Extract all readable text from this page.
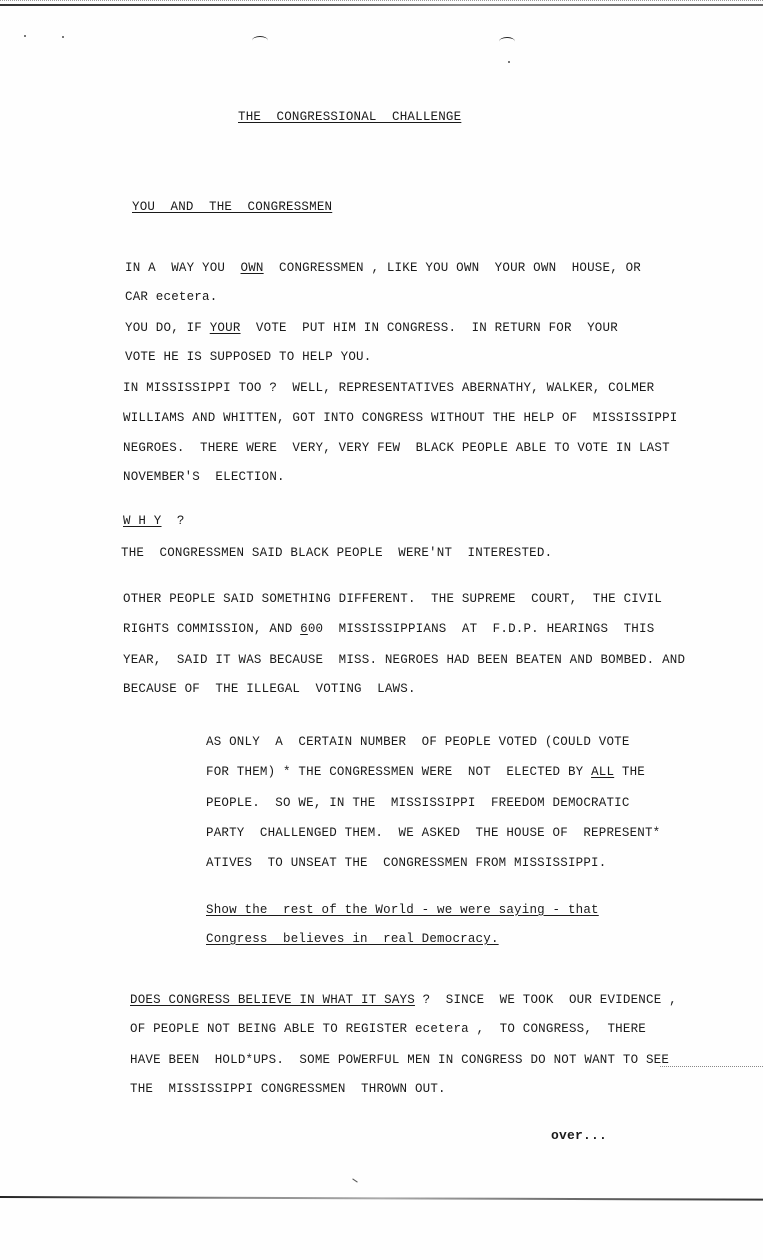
THE  CONGRESSIONAL  CHALLENGE
YOU  AND  THE  CONGRESSMEN
IN A  WAY YOU  OWN  CONGRESSMEN , LIKE YOU OWN  YOUR OWN  HOUSE, OR
CAR ecetera.
YOU DO, IF YOUR  VOTE  PUT HIM IN CONGRESS.  IN RETURN FOR  YOUR
VOTE HE IS SUPPOSED TO HELP YOU.
IN MISSISSIPPI TOO ?  WELL, REPRESENTATIVES ABERNATHY, WALKER, COLMER
WILLIAMS AND WHITTEN, GOT INTO CONGRESS WITHOUT THE HELP OF  MISSISSIPPI
NEGROES.  THERE WERE  VERY, VERY FEW  BLACK PEOPLE ABLE TO VOTE IN LAST
NOVEMBER'S  ELECTION.
W H Y  ?
THE  CONGRESSMEN SAID BLACK PEOPLE  WERE'NT  INTERESTED.
OTHER PEOPLE SAID SOMETHING DIFFERENT.  THE SUPREME  COURT,  THE CIVIL
RIGHTS COMMISSION, AND 600  MISSISSIPPIANS  AT  F.D.P. HEARINGS  THIS
YEAR,  SAID IT WAS BECAUSE  MISS. NEGROES HAD BEEN BEATEN AND BOMBED. AND
BECAUSE OF  THE ILLEGAL  VOTING  LAWS.
AS ONLY  A  CERTAIN NUMBER  OF PEOPLE VOTED (COULD VOTE
FOR THEM) * THE CONGRESSMEN WERE  NOT  ELECTED BY ALL THE
PEOPLE.  SO WE, IN THE  MISSISSIPPI  FREEDOM DEMOCRATIC
PARTY  CHALLENGED THEM.  WE ASKED  THE HOUSE OF  REPRESENT*
ATIVES  TO UNSEAT THE  CONGRESSMEN FROM MISSISSIPPI.
Show the  rest of the World - we were saying - that
Congress  believes in  real Democracy.
DOES CONGRESS BELIEVE IN WHAT IT SAYS ?  SINCE  WE TOOK  OUR EVIDENCE ,
OF PEOPLE NOT BEING ABLE TO REGISTER ecetera ,  TO CONGRESS,  THERE
HAVE BEEN  HOLD*UPS.  SOME POWERFUL MEN IN CONGRESS DO NOT WANT TO SEE
THE  MISSISSIPPI CONGRESSMEN  THROWN OUT.
over...
